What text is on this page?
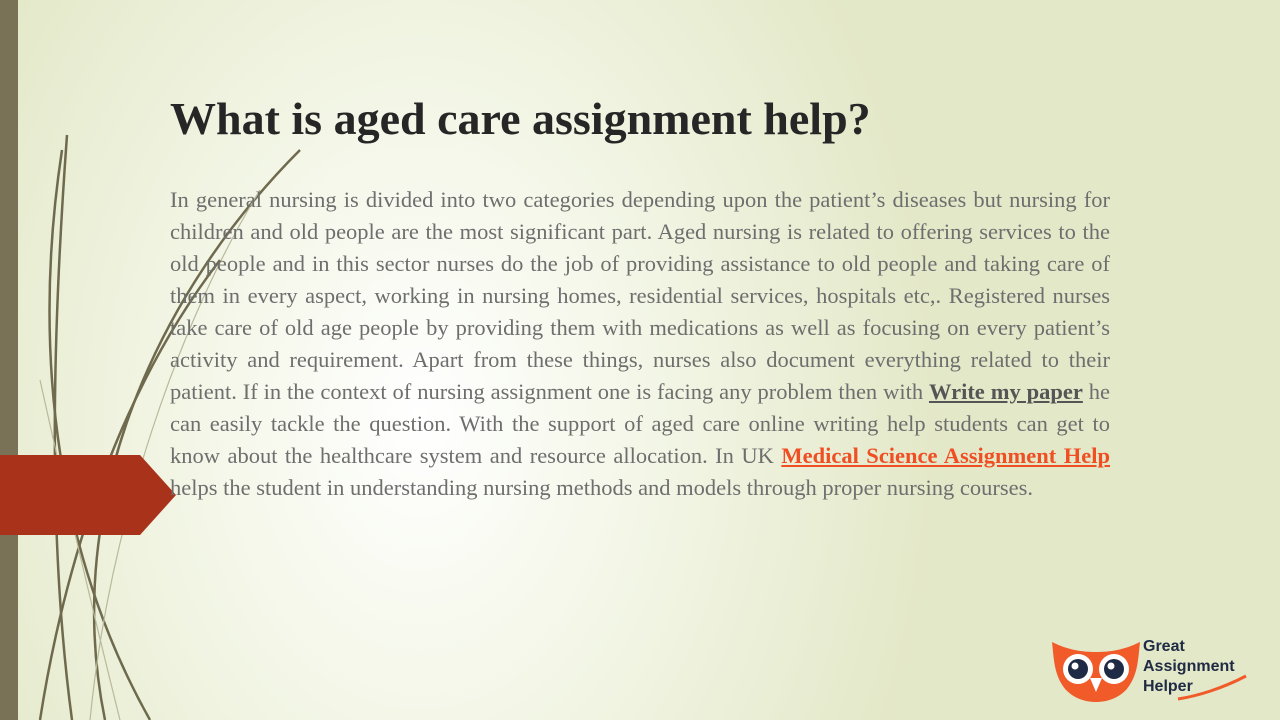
What is aged care assignment help?

In general nursing is divided into two categories depending upon the patient’s diseases but nursing for children and old people are the most significant part. Aged nursing is related to offering services to the old people and in this sector nurses do the job of providing assistance to old people and taking care of them in every aspect, working in nursing homes, residential services, hospitals etc,. Registered nurses take care of old age people by providing them with medications as well as focusing on every patient’s activity and requirement. Apart from these things, nurses also document everything related to their patient. If in the context of nursing assignment one is facing any problem then with Write my paper he can easily tackle the question. With the support of aged care online writing help students can get to know about the healthcare system and resource allocation. In UK Medical Science Assignment Help helps the student in understanding nursing methods and models through proper nursing courses.

Great
Assignment
Helper
